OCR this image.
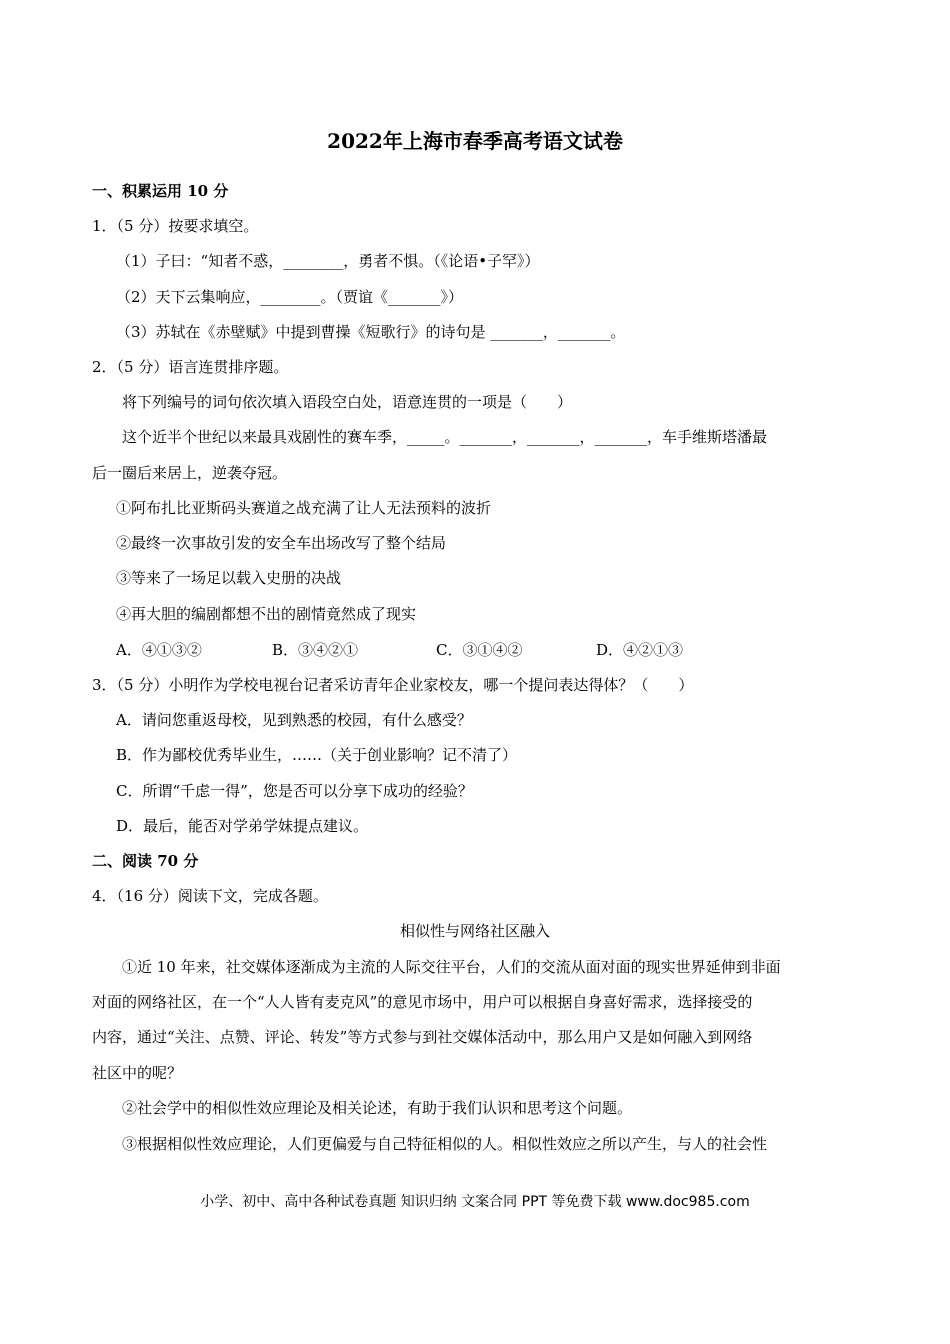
2022年上海市春季高考语文试卷
一、积累运用 10 分
1．（5 分）按要求填空。
（1）子曰：“知者不惑，________，勇者不惧。（《论语•子罕》）
（2）天下云集响应，________。（贾谊《_______》）
（3）苏轼在《赤壁赋》中提到曹操《短歌行》的诗句是 _______，_______。
2．（5 分）语言连贯排序题。
将下列编号的词句依次填入语段空白处，语意连贯的一项是（　　）
这个近半个世纪以来最具戏剧性的赛车季，_____。_______，_______，_______，车手维斯塔潘最
后一圈后来居上，逆袭夺冠。
①阿布扎比亚斯码头赛道之战充满了让人无法预料的波折
②最终一次事故引发的安全车出场改写了整个结局
③等来了一场足以载入史册的决战
④再大胆的编剧都想不出的剧情竟然成了现实
A．④①③②	B．③④②①	C．③①④②	D．④②①③
3．（5 分）小明作为学校电视台记者采访青年企业家校友，哪一个提问表达得体？（　　）
A．请问您重返母校，见到熟悉的校园，有什么感受？
B．作为鄙校优秀毕业生，……（关于创业影响？记不清了）
C．所谓“千虑一得”，您是否可以分享下成功的经验？
D．最后，能否对学弟学妹提点建议。
二、阅读 70 分
4．（16 分）阅读下文，完成各题。
相似性与网络社区融入
①近 10 年来，社交媒体逐渐成为主流的人际交往平台，人们的交流从面对面的现实世界延伸到非面
对面的网络社区，在一个“人人皆有麦克风”的意见市场中，用户可以根据自身喜好需求，选择接受的
内容，通过“关注、点赞、评论、转发”等方式参与到社交媒体活动中，那么用户又是如何融入到网络
社区中的呢？
②社会学中的相似性效应理论及相关论述，有助于我们认识和思考这个问题。
③根据相似性效应理论，人们更偏爱与自己特征相似的人。相似性效应之所以产生，与人的社会性
小学、初中、高中各种试卷真题 知识归纳 文案合同 PPT 等免费下载 www.doc985.com
